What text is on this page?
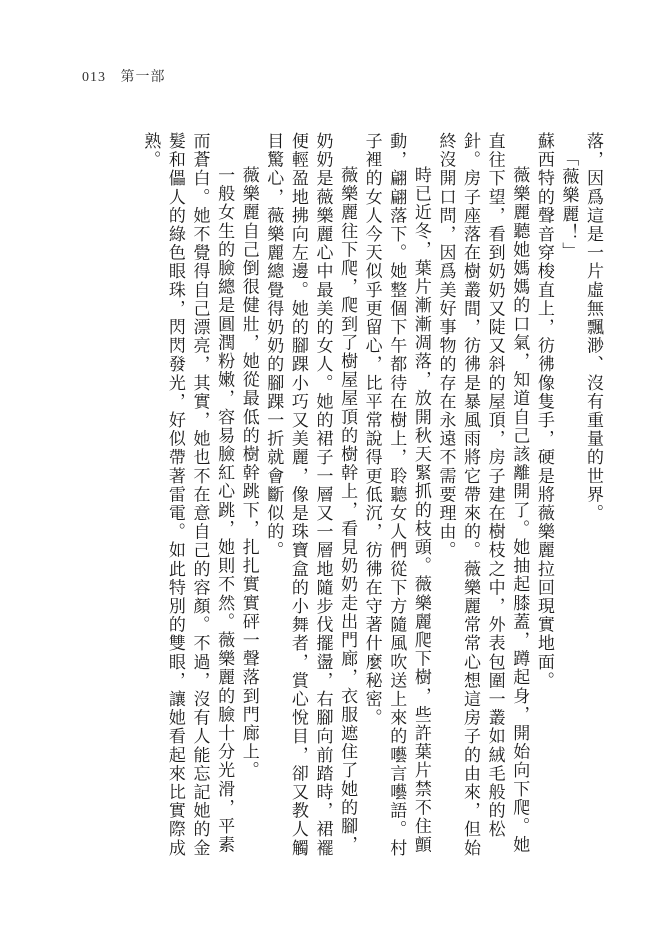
013 第一部

落，因爲這是一片虛無飄渺、沒有重量的世界。

「薇樂麗！」

蘇西特的聲音穿梭直上，彷彿像隻手，硬是將薇樂麗拉回現實地面。

薇樂麗聽她媽媽的口氣，知道自己該離開了。她抽起膝蓋，蹲起身，開始向下爬。她直往下望，看到奶奶又陡又斜的屋頂，房子建在樹枝之中，外表包圍一叢如絨毛般的松針。房子座落在樹叢間，彷彿是暴風雨將它帶來的。薇樂麗常常心想這房子的由來，但始終沒開口問，因爲美好事物的存在永遠不需要理由。

時已近冬，葉片漸漸凋落，放開秋天緊抓的枝頭。薇樂麗爬下樹，些許葉片禁不住顫動，翩翩落下。她整個下午都待在樹上，聆聽女人們從下方隨風吹送上來的囈言囈語。村子裡的女人今天似乎更留心，比平常說得更低沉，彷彿在守著什麼秘密。

薇樂麗往下爬，爬到了樹屋屋頂的樹幹上，看見奶奶走出門廊，衣服遮住了她的腳，奶奶是薇樂麗心中最美的女人。她的裙子一層又一層地隨步伐擺盪，右腳向前踏時，裙襬便輕盈地拂向左邊。她的腳踝小巧又美麗，像是珠寶盒的小舞者，賞心悅目，卻又教人觸目驚心，薇樂麗總覺得奶奶的腳踝一折就會斷似的。

薇樂麗自己倒很健壯，她從最低的樹幹跳下，扎扎實實砰一聲落到門廊上。

一般女生的臉總是圓潤粉嫩，容易臉紅心跳，她則不然。薇樂麗的臉十分光滑，平素而蒼白。她不覺得自己漂亮，其實，她也不在意自己的容顏。不過，沒有人能忘記她的金髮和儡人的綠色眼珠，閃閃發光，好似帶著雷電。如此特別的雙眼，讓她看起來比實際成熟。
